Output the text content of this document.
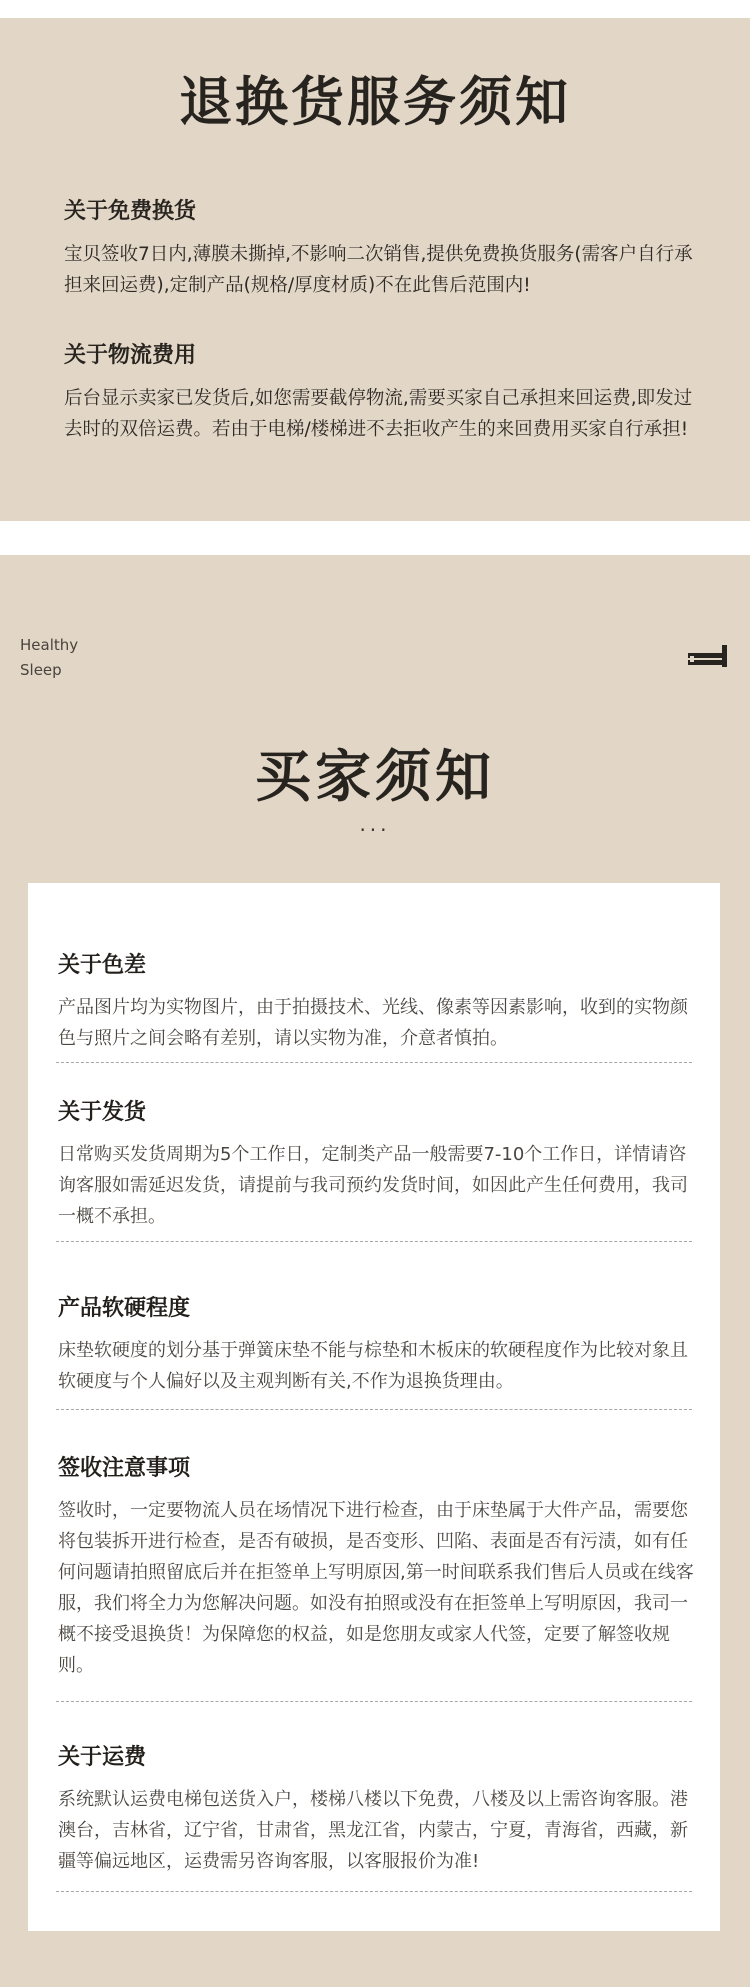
退换货服务须知

关于免费换货

宝贝签收7日内,薄膜未撕掉,不影响二次销售,提供免费换货服务(需客户自行承担来回运费),定制产品(规格/厚度材质)不在此售后范围内!

关于物流费用

后台显示卖家已发货后,如您需要截停物流,需要买家自己承担来回运费,即发过去时的双倍运费。若由于电梯/楼梯进不去拒收产生的来回费用买家自行承担!

Healthy
Sleep
买家须知
···

关于色差

产品图片均为实物图片，由于拍摄技术、光线、像素等因素影响，收到的实物颜色与照片之间会略有差别，请以实物为准，介意者慎拍。

关于发货

日常购买发货周期为5个工作日，定制类产品一般需要7-10个工作日，详情请咨询客服如需延迟发货，请提前与我司预约发货时间，如因此产生任何费用，我司一概不承担。

产品软硬程度

床垫软硬度的划分基于弹簧床垫不能与棕垫和木板床的软硬程度作为比较对象且软硬度与个人偏好以及主观判断有关,不作为退换货理由。

签收注意事项

签收时，一定要物流人员在场情况下进行检查，由于床垫属于大件产品，需要您将包装拆开进行检查，是否有破损，是否变形、凹陷、表面是否有污渍，如有任何问题请拍照留底后并在拒签单上写明原因,第一时间联系我们售后人员或在线客服，我们将全力为您解决问题。如没有拍照或没有在拒签单上写明原因，我司一概不接受退换货！为保障您的权益，如是您朋友或家人代签，定要了解签收规则。

关于运费

系统默认运费电梯包送货入户，楼梯八楼以下免费，八楼及以上需咨询客服。港澳台，吉林省，辽宁省，甘肃省，黑龙江省，内蒙古，宁夏，青海省，西藏，新疆等偏远地区，运费需另咨询客服，以客服报价为准!
